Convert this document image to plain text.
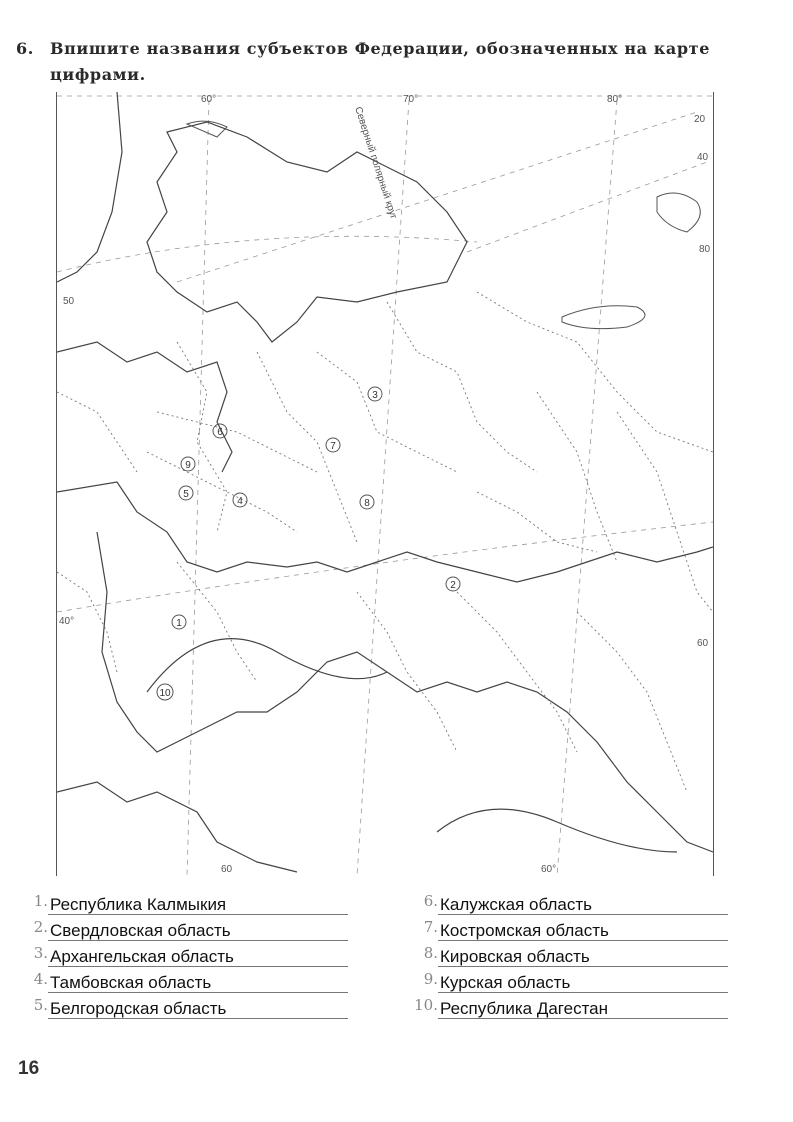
6. Впишите названия субъектов Федерации, обозначенных на карте
цифрами.
60°	70°	80°
20
40
80
60
50
40°
60	60°
Северный полярный круг
1
2
3
4
5
6
7
8
9
10
1. Республика Калмыкия
2. Свердловская область
3. Архангельская область
4. Тамбовская область
5. Белгородская область
6. Калужская область
7. Костромская область
8. Кировская область
9. Курская область
10. Республика Дагестан
16
